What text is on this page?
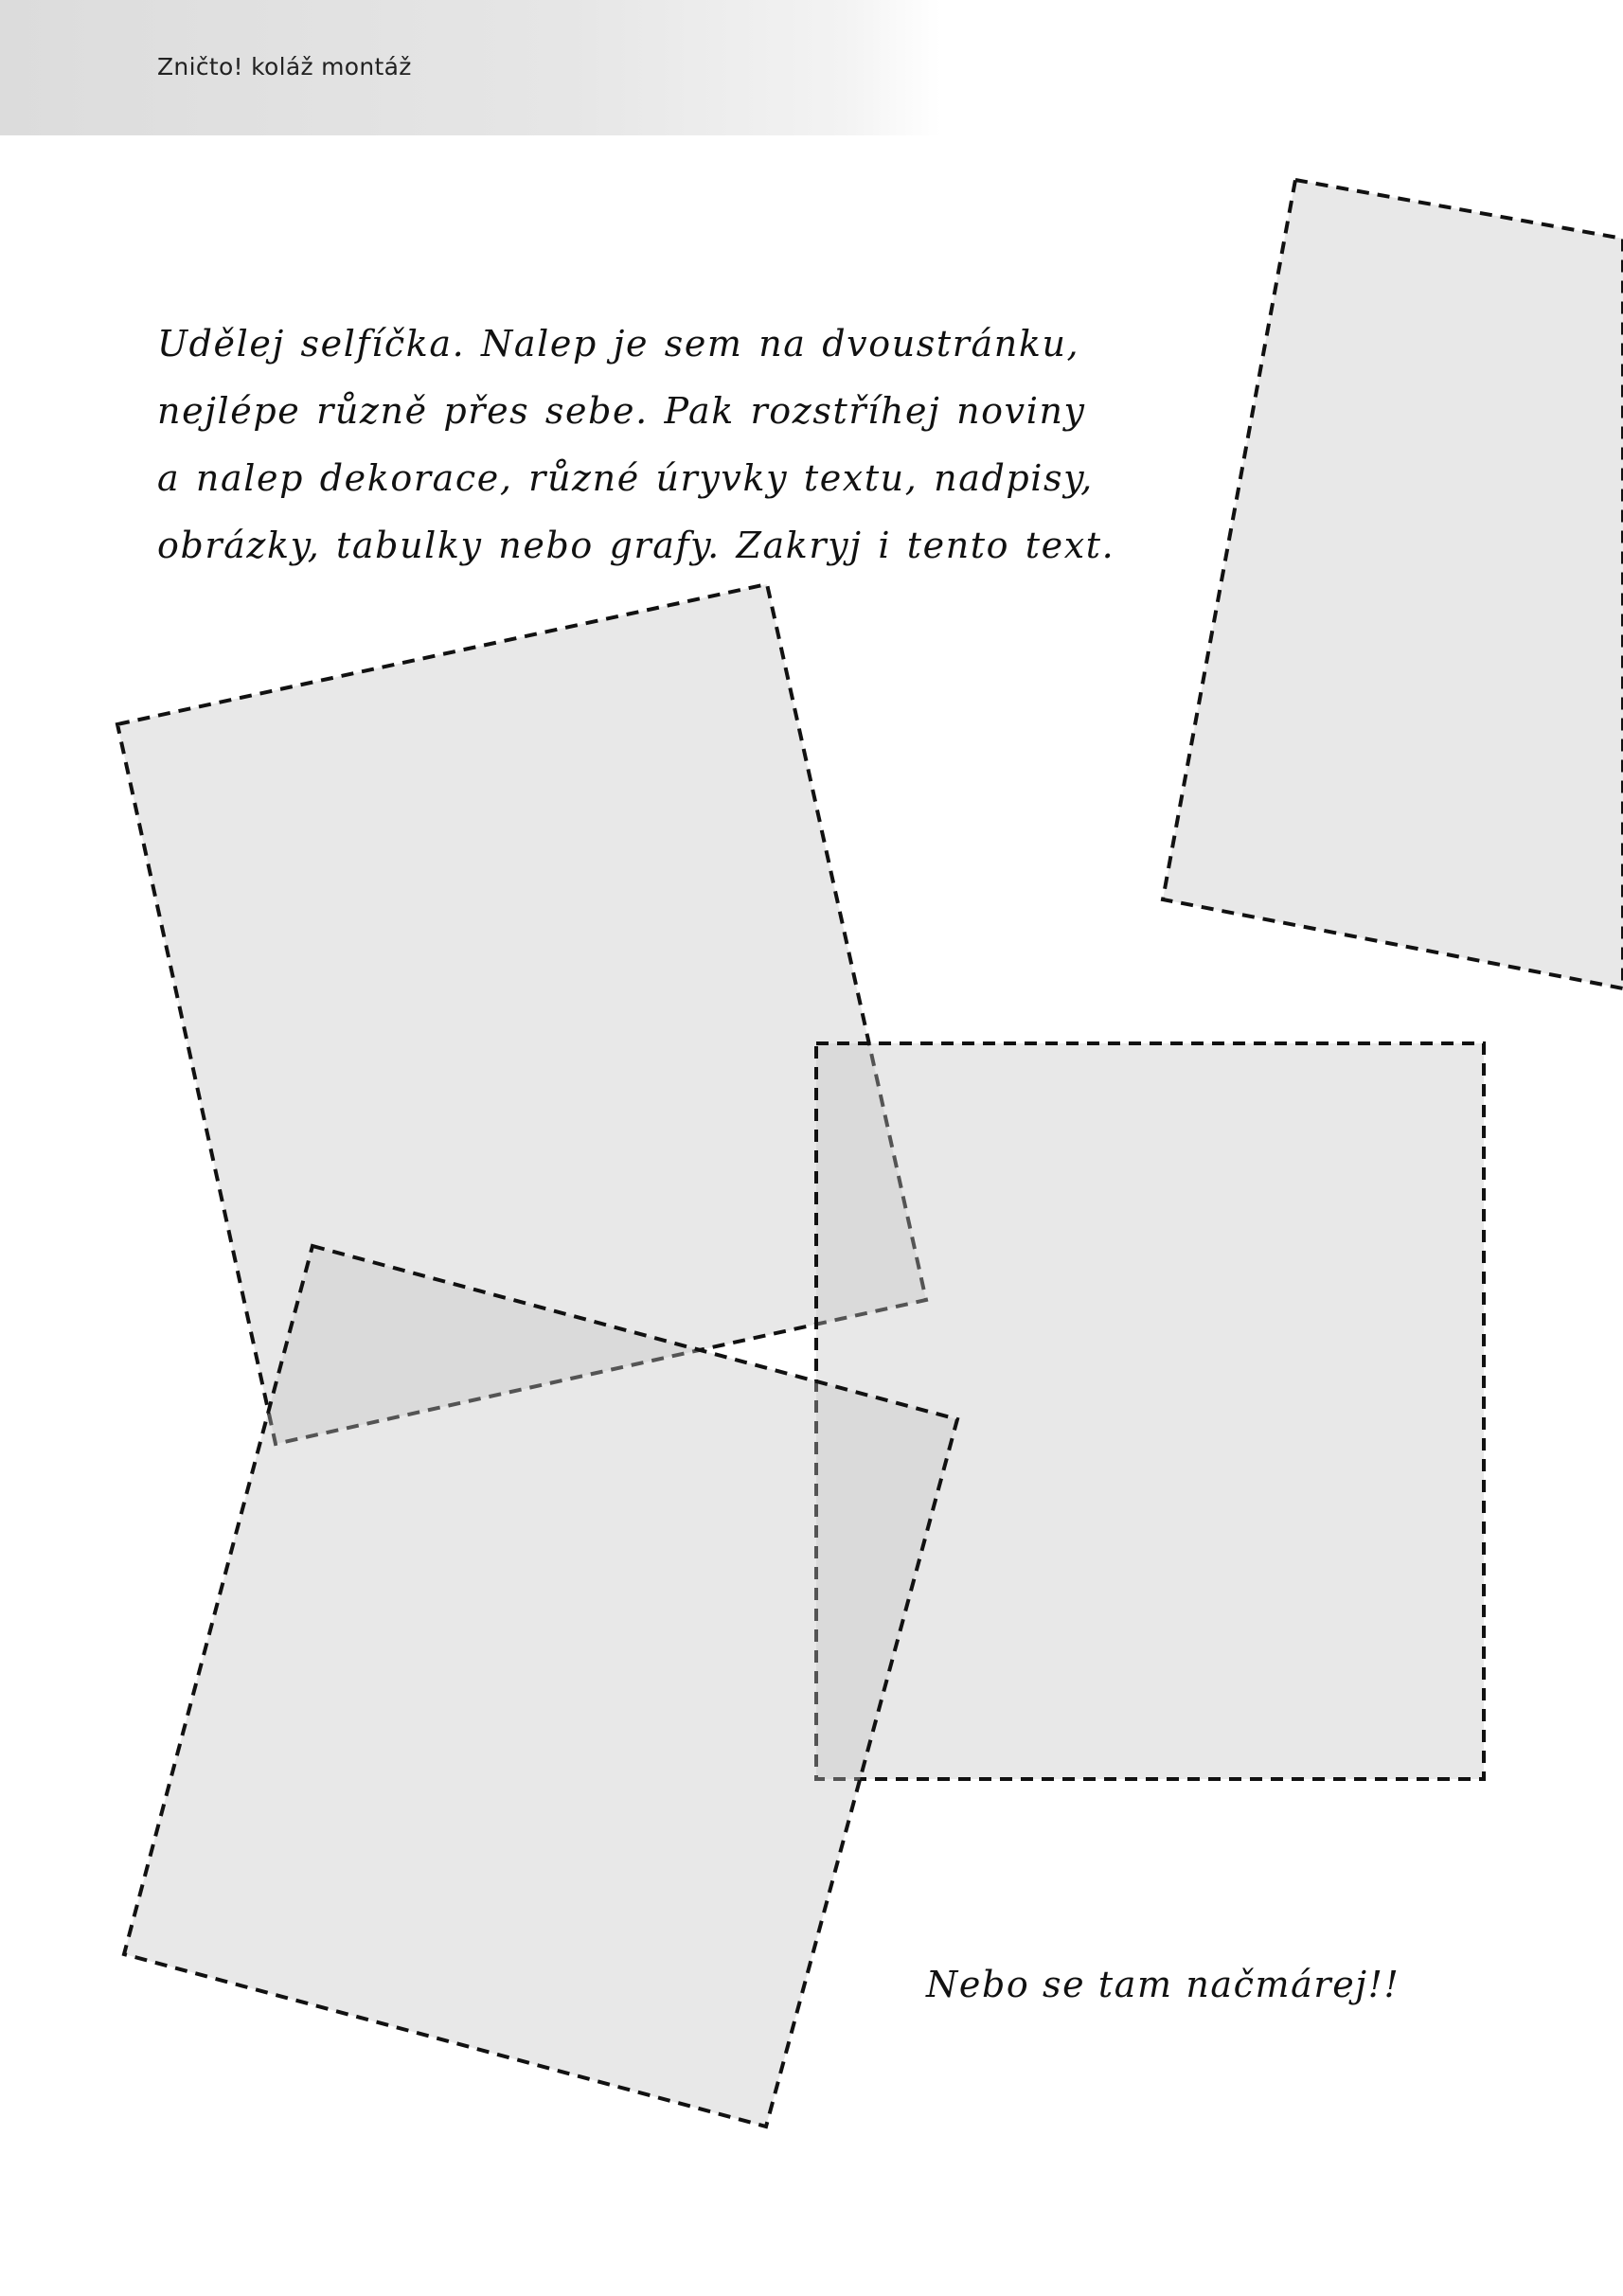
Zničto! koláž montáž

Udělej selfíčka. Nalep je sem na dvoustránku,
nejlépe různě přes sebe. Pak rozstříhej noviny
a nalep dekorace, různé úryvky textu, nadpisy,
obrázky, tabulky nebo grafy. Zakryj i tento text.

Nebo se tam načmárej!!
